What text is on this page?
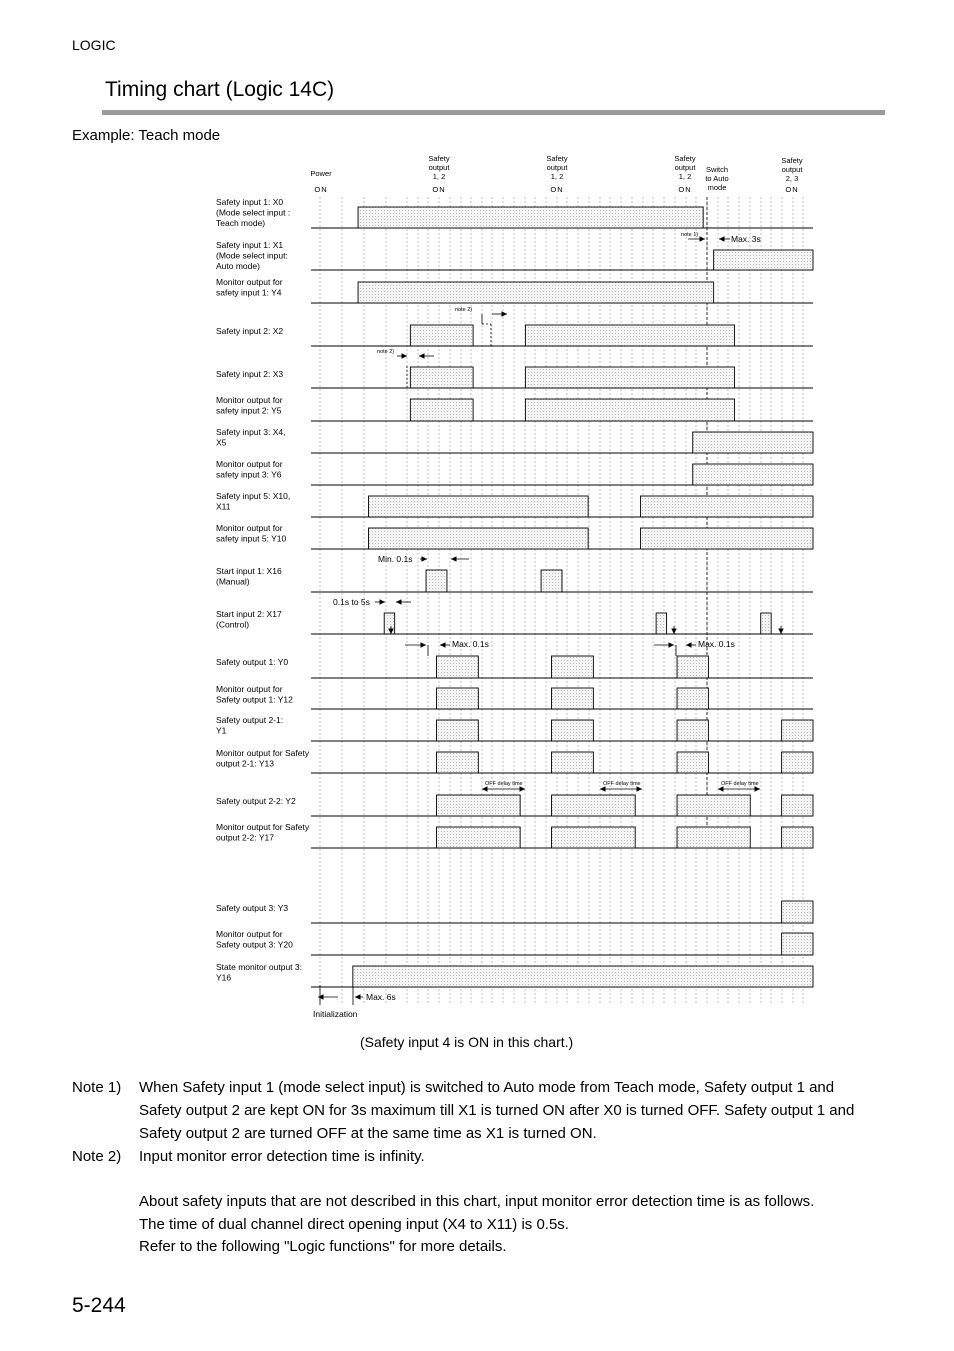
LOGIC
Timing chart (Logic 14C)
Example: Teach mode
Safety input 1: X0 (Mode select input : Teach mode)
Safety input 1: X1 (Mode select input: Auto mode)
Monitor output for safety input 1: Y4
Safety input 2: X2
Safety input 2: X3
Monitor output for safety input 2: Y5
Safety input 3: X4, X5
Monitor output for safety input 3: Y6
Safety input 5: X10, X11
Monitor output for safety input 5: Y10
Start input 1: X16 (Manual)
Start input 2: X17 (Control)
Safety output 1: Y0
Monitor output for Safety output 1: Y12
Safety output 2-1: Y1
Monitor output for Safety output 2-1: Y13
Safety output 2-2: Y2
Monitor output for Safety output 2-2: Y17
Safety output 3: Y3
Monitor output for Safety output 3: Y20
State monitor output 3: Y16
Power
ON
Safety
output
1, 2
ON
Safety
output
1, 2
ON
Safety
output
1, 2
ON
Switch
to Auto
mode
Safety
output
2, 3
ON
note 1)	Max. 3s
note 2)
note 2)
Min. 0.1s
0.1s to 5s
Max. 0.1s	Max. 0.1s
OFF delay time	OFF delay time	OFF delay time
Max. 6s
Initialization
(Safety input 4 is ON in this chart.)
Note 1) When Safety input 1 (mode select input) is switched to Auto mode from Teach mode, Safety output 1 and
Safety output 2 are kept ON for 3s maximum till X1 is turned ON after X0 is turned OFF. Safety output 1 and
Safety output 2 are turned OFF at the same time as X1 is turned ON.
Note 2) Input monitor error detection time is infinity.
About safety inputs that are not described in this chart, input monitor error detection time is as follows.
The time of dual channel direct opening input (X4 to X11) is 0.5s.
Refer to the following "Logic functions" for more details.
5-244
